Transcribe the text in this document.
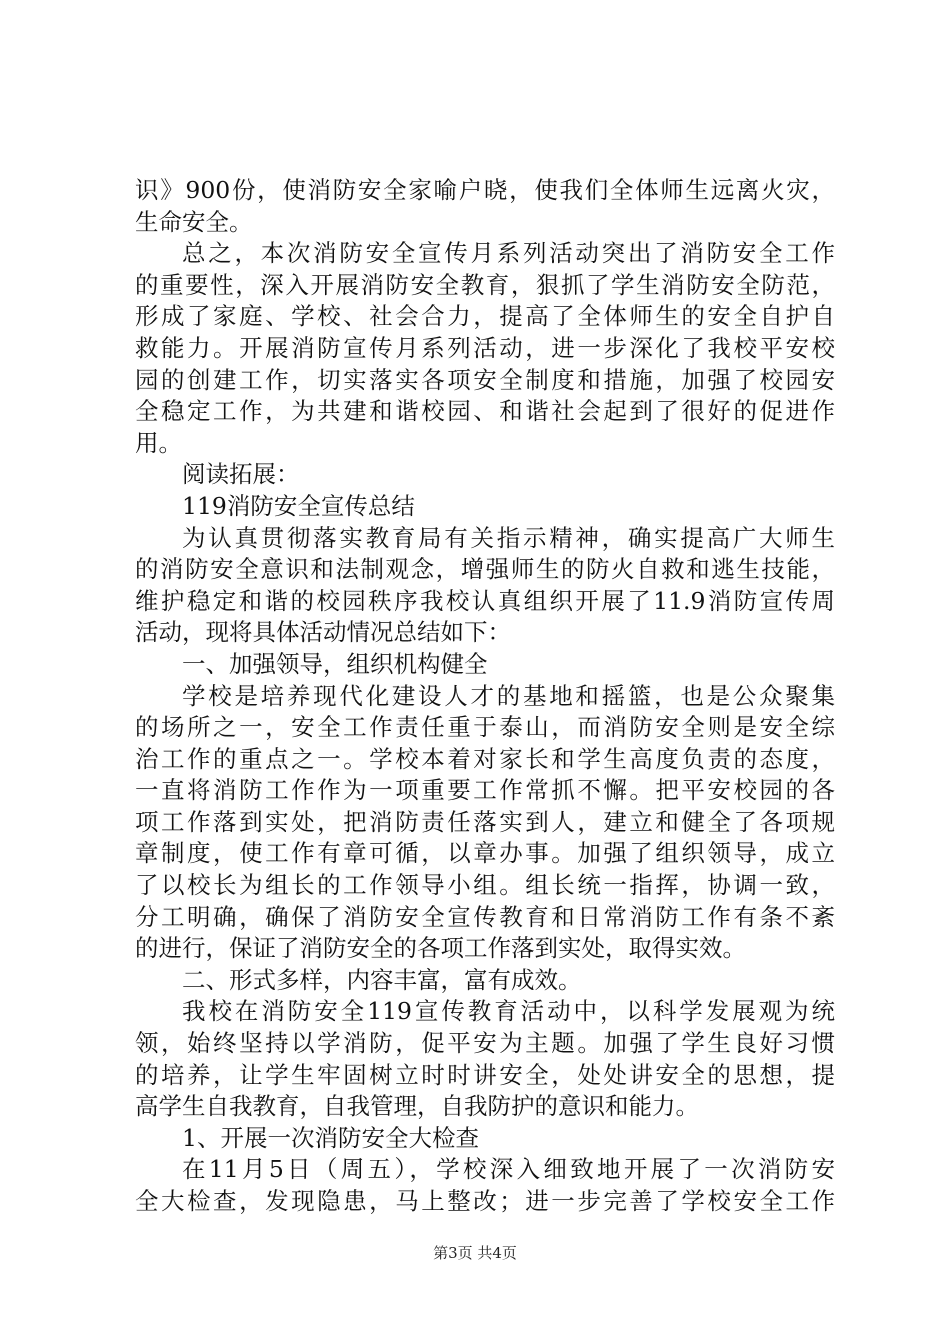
识》900份，使消防安全家喻户晓，使我们全体师生远离火灾，
生命安全。
总之，本次消防安全宣传月系列活动突出了消防安全工作
的重要性，深入开展消防安全教育，狠抓了学生消防安全防范，
形成了家庭、学校、社会合力，提高了全体师生的安全自护自
救能力。开展消防宣传月系列活动，进一步深化了我校平安校
园的创建工作，切实落实各项安全制度和措施，加强了校园安
全稳定工作，为共建和谐校园、和谐社会起到了很好的促进作
用。
阅读拓展：
119消防安全宣传总结
为认真贯彻落实教育局有关指示精神，确实提高广大师生
的消防安全意识和法制观念，增强师生的防火自救和逃生技能，
维护稳定和谐的校园秩序我校认真组织开展了11.9消防宣传周
活动，现将具体活动情况总结如下：
一、加强领导，组织机构健全
学校是培养现代化建设人才的基地和摇篮，也是公众聚集
的场所之一，安全工作责任重于泰山，而消防安全则是安全综
治工作的重点之一。学校本着对家长和学生高度负责的态度，
一直将消防工作作为一项重要工作常抓不懈。把平安校园的各
项工作落到实处，把消防责任落实到人，建立和健全了各项规
章制度，使工作有章可循，以章办事。加强了组织领导，成立
了以校长为组长的工作领导小组。组长统一指挥，协调一致，
分工明确，确保了消防安全宣传教育和日常消防工作有条不紊
的进行，保证了消防安全的各项工作落到实处，取得实效。
二、形式多样，内容丰富，富有成效。
我校在消防安全119宣传教育活动中，以科学发展观为统
领，始终坚持以学消防，促平安为主题。加强了学生良好习惯
的培养，让学生牢固树立时时讲安全，处处讲安全的思想，提
高学生自我教育，自我管理，自我防护的意识和能力。
1、开展一次消防安全大检查
在11月5日（周五），学校深入细致地开展了一次消防安
全大检查，发现隐患，马上整改；进一步完善了学校安全工作
第3页 共4页
